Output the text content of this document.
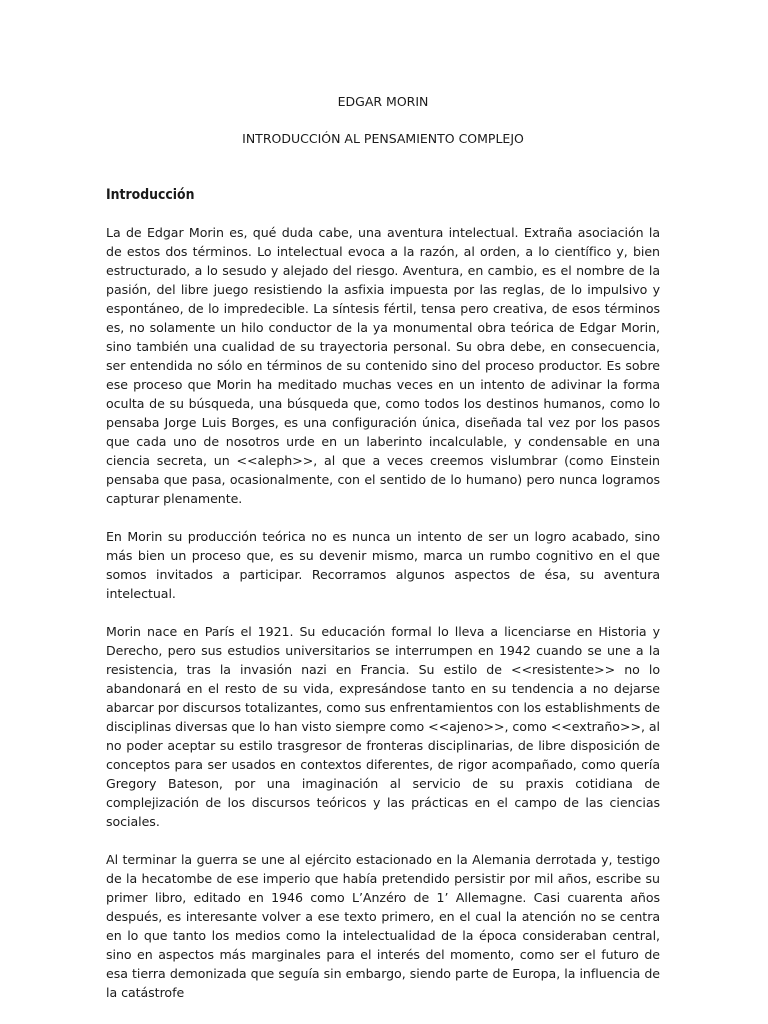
EDGAR MORIN
INTRODUCCIÓN AL PENSAMIENTO COMPLEJO
Introducción

La de Edgar Morin es, qué duda cabe, una aventura intelectual. Extraña asociación la de estos dos términos. Lo intelectual evoca a la razón, al orden, a lo científico y, bien estructurado, a lo sesudo y alejado del riesgo. Aventura, en cambio, es el nombre de la pasión, del libre juego resistiendo la asfixia impuesta por las reglas, de lo impulsivo y espontáneo, de lo impredecible. La síntesis fértil, tensa pero creativa, de esos términos es, no solamente un hilo conductor de la ya monumental obra teórica de Edgar Morin, sino también una cualidad de su trayectoria personal. Su obra debe, en consecuencia, ser entendida no sólo en términos de su contenido sino del proceso productor. Es sobre ese proceso que Morin ha meditado muchas veces en un intento de adivinar la forma oculta de su búsqueda, una búsqueda que, como todos los destinos humanos, como lo pensaba Jorge Luis Borges, es una configuración única, diseñada tal vez por los pasos que cada uno de nosotros urde en un laberinto incalculable, y condensable en una ciencia secreta, un <<aleph>>, al que a veces creemos vislumbrar (como Einstein pensaba que pasa, ocasionalmente, con el sentido de lo humano) pero nunca logramos capturar plenamente.

En Morin su producción teórica no es nunca un intento de ser un logro acabado, sino más bien un proceso que, es su devenir mismo, marca un rumbo cognitivo en el que somos invitados a participar. Recorramos algunos aspectos de ésa, su aventura intelectual.

Morin nace en París el 1921. Su educación formal lo lleva a licenciarse en Historia y Derecho, pero sus estudios universitarios se interrumpen en 1942 cuando se une a la resistencia, tras la invasión nazi en Francia. Su estilo de <<resistente>> no lo abandonará en el resto de su vida, expresándose tanto en su tendencia a no dejarse abarcar por discursos totalizantes, como sus enfrentamientos con los establishments de disciplinas diversas que lo han visto siempre como <<ajeno>>, como <<extraño>>, al no poder aceptar su estilo trasgresor de fronteras disciplinarias, de libre disposición de conceptos para ser usados en contextos diferentes, de rigor acompañado, como quería Gregory Bateson, por una imaginación al servicio de su praxis cotidiana de complejización de los discursos teóricos y las prácticas en el campo de las ciencias sociales.

Al terminar la guerra se une al ejército estacionado en la Alemania derrotada y, testigo de la hecatombe de ese imperio que había pretendido persistir por mil años, escribe su primer libro, editado en 1946 como L’Anzéro de 1’ Allemagne. Casi cuarenta años después, es interesante volver a ese texto primero, en el cual la atención no se centra en lo que tanto los medios como la intelectualidad de la época consideraban central, sino en aspectos más marginales para el interés del momento, como ser el futuro de esa tierra demonizada que seguía sin embargo, siendo parte de Europa, la influencia de la catástrofe
